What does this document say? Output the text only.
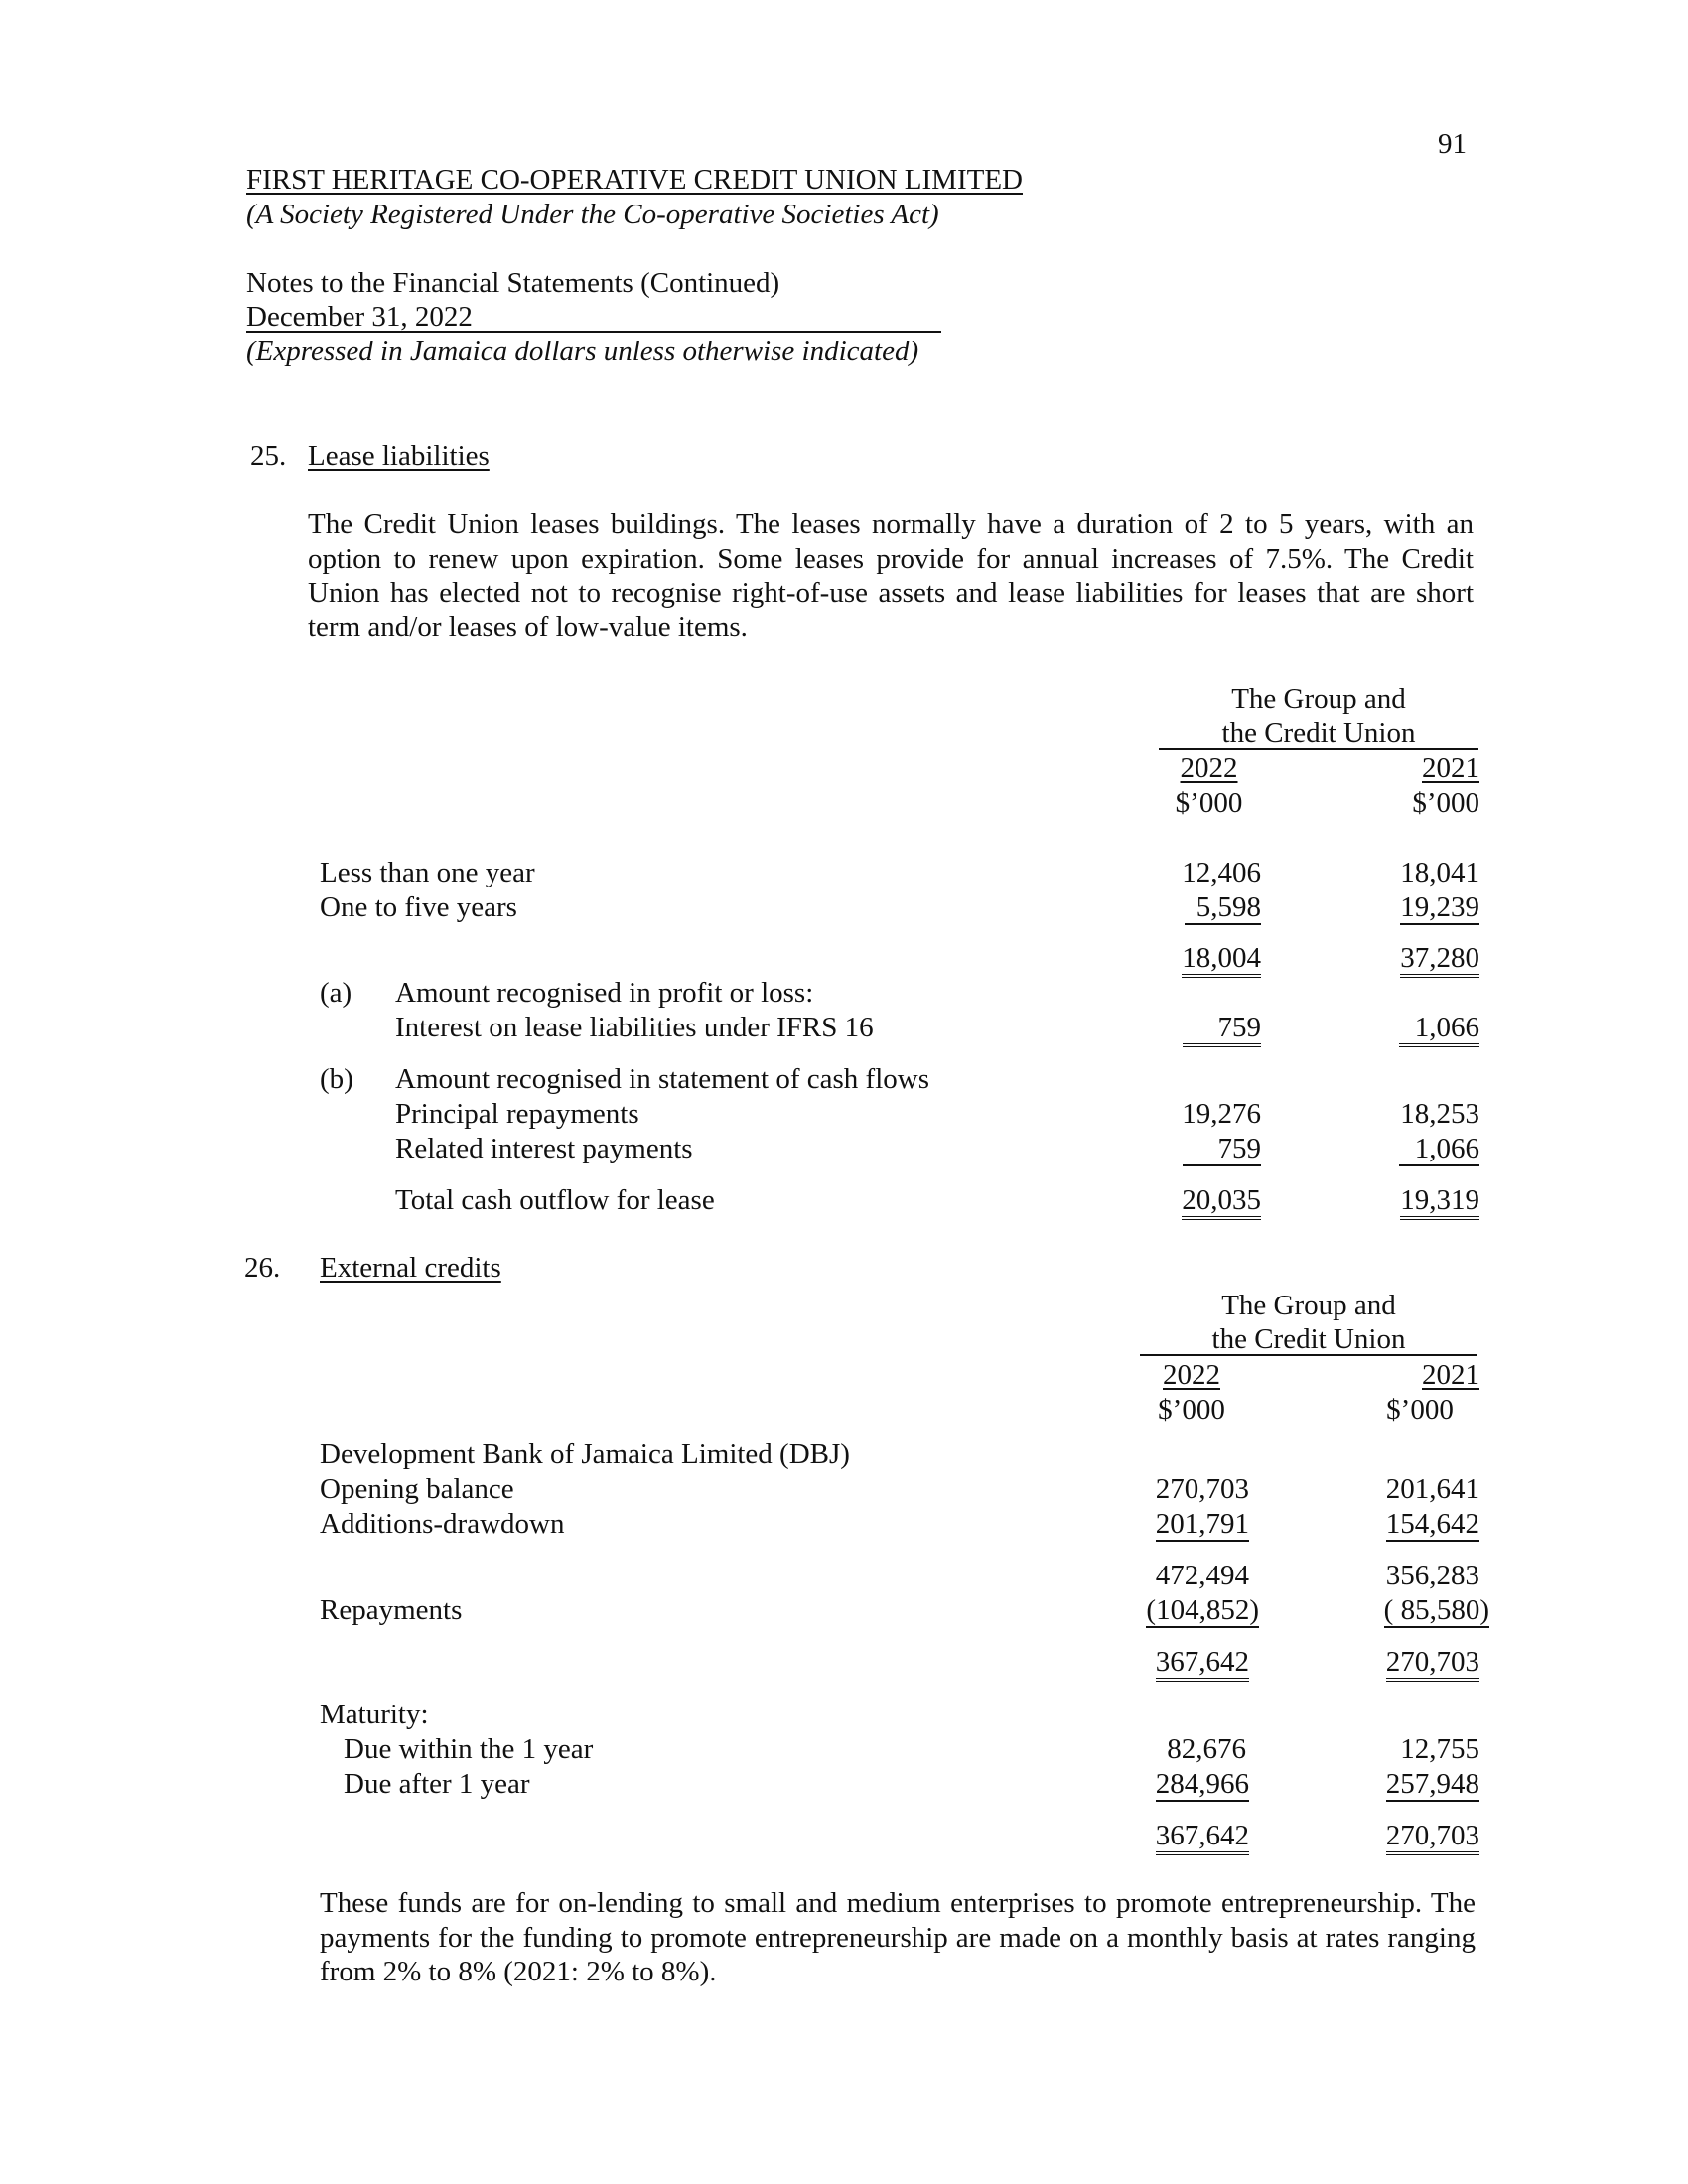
91
FIRST HERITAGE CO-OPERATIVE CREDIT UNION LIMITED
(A Society Registered Under the Co-operative Societies Act)
Notes to the Financial Statements (Continued)
December 31, 2022
(Expressed in Jamaica dollars unless otherwise indicated)
25. Lease liabilities
The Credit Union leases buildings. The leases normally have a duration of 2 to 5 years, with an option to renew upon expiration. Some leases provide for annual increases of 7.5%. The Credit Union has elected not to recognise right-of-use assets and lease liabilities for leases that are short term and/or leases of low-value items.
The Group and
the Credit Union
2022	2021
$’000	$’000
Less than one year	12,406	18,041
One to five years	5,598	19,239
18,004	37,280
(a) Amount recognised in profit or loss:
Interest on lease liabilities under IFRS 16	759	1,066
(b) Amount recognised in statement of cash flows
Principal repayments	19,276	18,253
Related interest payments	759	1,066
Total cash outflow for lease	20,035	19,319
26. External credits
The Group and
the Credit Union
2022	2021
$’000	$’000
Development Bank of Jamaica Limited (DBJ)
Opening balance	270,703	201,641
Additions-drawdown	201,791	154,642
472,494	356,283
Repayments	(104,852)	( 85,580)
367,642	270,703
Maturity:
Due within the 1 year	82,676	12,755
Due after 1 year	284,966	257,948
367,642	270,703
These funds are for on-lending to small and medium enterprises to promote entrepreneurship. The payments for the funding to promote entrepreneurship are made on a monthly basis at rates ranging from 2% to 8% (2021: 2% to 8%).
